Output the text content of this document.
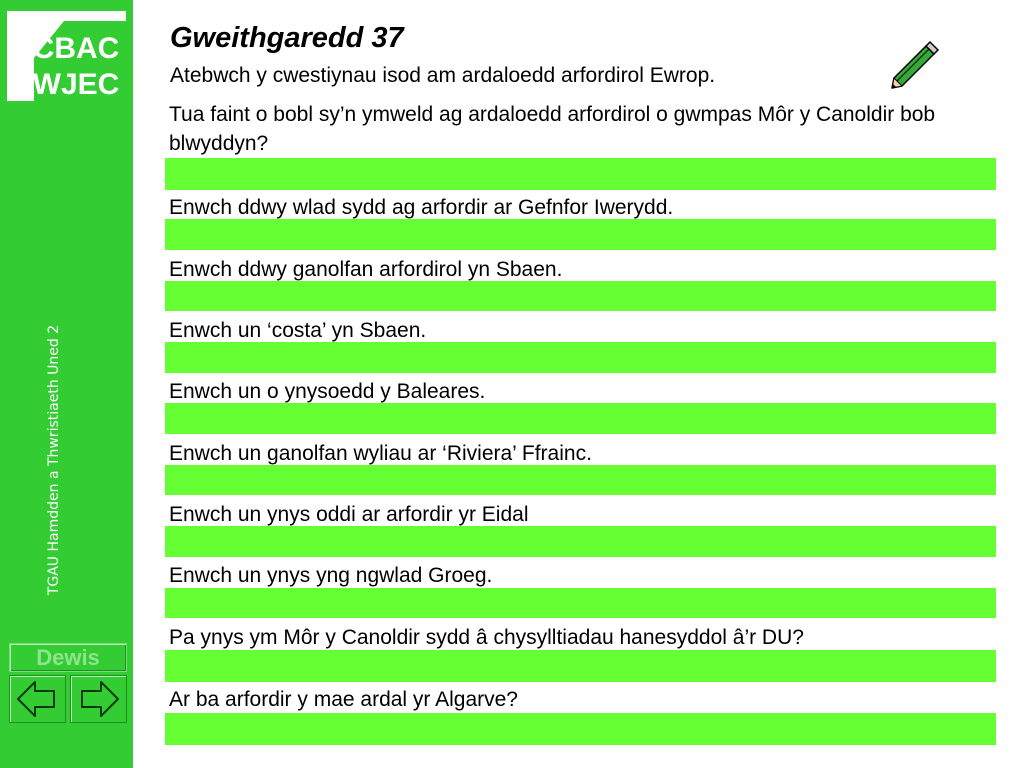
CBAC
WJEC
TGAU Hamdden a Thwristiaeth Uned 2
Dewis
Gweithgaredd 37
Atebwch y cwestiynau isod am ardaloedd arfordirol Ewrop.
Tua faint o bobl sy’n ymweld ag ardaloedd arfordirol o gwmpas Môr y Canoldir bob blwyddyn?
Enwch ddwy wlad sydd ag arfordir ar Gefnfor Iwerydd.
Enwch ddwy ganolfan arfordirol yn Sbaen.
Enwch un ‘costa’ yn Sbaen.
Enwch un o ynysoedd y Baleares.
Enwch un ganolfan wyliau ar ‘Riviera’ Ffrainc.
Enwch un ynys oddi ar arfordir yr Eidal
Enwch un ynys yng ngwlad Groeg.
Pa ynys ym Môr y Canoldir sydd â chysylltiadau hanesyddol â’r DU?
Ar ba arfordir y mae ardal yr Algarve?
